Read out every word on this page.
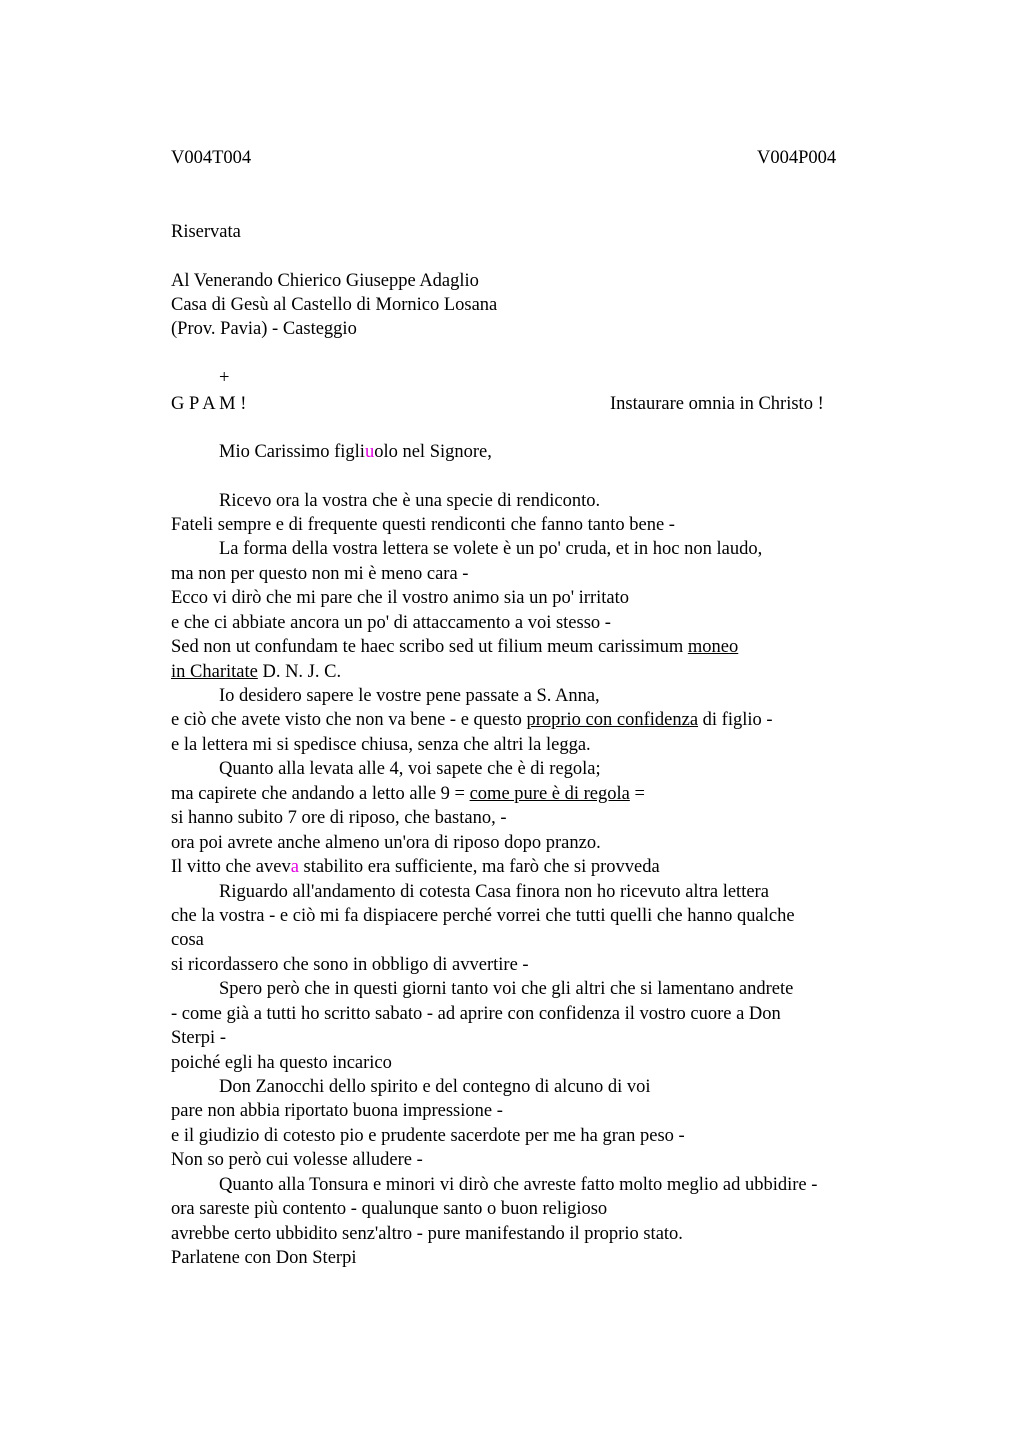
V004T004	V004P004
Riservata
Al Venerando Chierico Giuseppe Adaglio
Casa di Gesù al Castello di Mornico Losana
(Prov. Pavia) - Casteggio
+
G P A M !	Instaurare omnia in Christo !
Mio Carissimo figliuolo nel Signore,
Ricevo ora la vostra che è una specie di rendiconto.
Fateli sempre e di frequente questi rendiconti che fanno tanto bene -
La forma della vostra lettera se volete è un po' cruda, et in hoc non laudo,
ma non per questo non mi è meno cara -
Ecco vi dirò che mi pare che il vostro animo sia un po' irritato
e che ci abbiate ancora un po' di attaccamento a voi stesso -
Sed non ut confundam te haec scribo sed ut filium meum carissimum moneo
in Charitate D. N. J. C.
Io desidero sapere le vostre pene passate a S. Anna,
e ciò che avete visto che non va bene - e questo proprio con confidenza di figlio -
e la lettera mi si spedisce chiusa, senza che altri la legga.
Quanto alla levata alle 4, voi sapete che è di regola;
ma capirete che andando a letto alle 9 = come pure è di regola =
si hanno subito 7 ore di riposo, che bastano, -
ora poi avrete anche almeno un'ora di riposo dopo pranzo.
Il vitto che aveva stabilito era sufficiente, ma farò che si provveda
Riguardo all'andamento di cotesta Casa finora non ho ricevuto altra lettera
che la vostra - e ciò mi fa dispiacere perché vorrei che tutti quelli che hanno qualche
cosa
si ricordassero che sono in obbligo di avvertire -
Spero però che in questi giorni tanto voi che gli altri che si lamentano andrete
- come già a tutti ho scritto sabato - ad aprire con confidenza il vostro cuore a Don
Sterpi -
poiché egli ha questo incarico
Don Zanocchi dello spirito e del contegno di alcuno di voi
pare non abbia riportato buona impressione -
e il giudizio di cotesto pio e prudente sacerdote per me ha gran peso -
Non so però cui volesse alludere -
Quanto alla Tonsura e minori vi dirò che avreste fatto molto meglio ad ubbidire -
ora sareste più contento - qualunque santo o buon religioso
avrebbe certo ubbidito senz'altro - pure manifestando il proprio stato.
Parlatene con Don Sterpi
